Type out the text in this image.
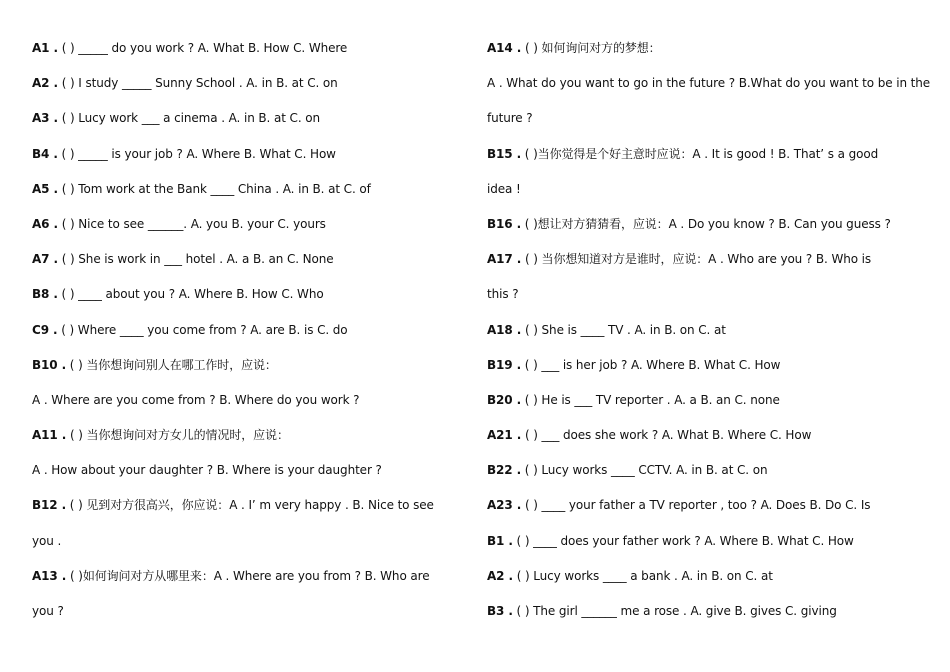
A1 . ( ) _____ do you work ? A. What B. How C. Where
A2 . ( ) I study _____ Sunny School . A. in B. at C. on
A3 . ( ) Lucy work ___ a cinema . A. in B. at C. on
B4 . ( ) _____ is your job ? A. Where B. What C. How
A5 . ( ) Tom work at the Bank ____ China . A. in B. at C. of
A6 . ( ) Nice to see ______. A. you B. your C. yours
A7 . ( ) She is work in ___ hotel . A. a B. an C. None
B8 . ( ) ____ about you ? A. Where B. How C. Who
C9 . ( ) Where ____ you come from ? A. are B. is C. do
B10 . ( ) 当你想询问别人在哪工作时，应说：
A . Where are you come from ? B. Where do you work ?
A11 . ( ) 当你想询问对方女儿的情况时，应说：
A . How about your daughter ? B. Where is your daughter ?
B12 . ( ) 见到对方很高兴，你应说：A . I’ m very happy . B. Nice to see
you .
A13 . ( )如何询问对方从哪里来：A . Where are you from ? B. Who are
you ?
A14 . ( ) 如何询问对方的梦想：
A . What do you want to go in the future ? B.What do you want to be in the
future ?
B15 . ( )当你觉得是个好主意时应说：A . It is good ! B. That’ s a good
idea !
B16 . ( )想让对方猜猜看，应说：A . Do you know ? B. Can you guess ?
A17 . ( ) 当你想知道对方是谁时，应说：A . Who are you ? B. Who is
this ?
A18 . ( ) She is ____ TV . A. in B. on C. at
B19 . ( ) ___ is her job ? A. Where B. What C. How
B20 . ( ) He is ___ TV reporter . A. a B. an C. none
A21 . ( ) ___ does she work ? A. What B. Where C. How
B22 . ( ) Lucy works ____ CCTV. A. in B. at C. on
A23 . ( ) ____ your father a TV reporter , too ? A. Does B. Do C. Is
B1 . ( ) ____ does your father work ? A. Where B. What C. How
A2 . ( ) Lucy works ____ a bank . A. in B. on C. at
B3 . ( ) The girl ______ me a rose . A. give B. gives C. giving
